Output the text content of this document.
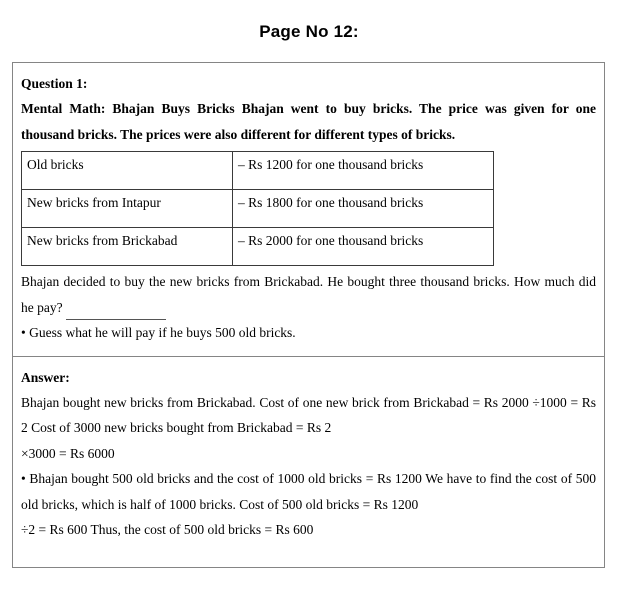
Page No 12:

Question 1:

Mental Math: Bhajan Buys Bricks Bhajan went to buy bricks. The price was given for one thousand bricks. The prices were also different for different types of bricks.

Old bricks	– Rs 1200 for one thousand bricks
New bricks from Intapur	– Rs 1800 for one thousand bricks
New bricks from Brickabad	– Rs 2000 for one thousand bricks

Bhajan decided to buy the new bricks from Brickabad. He bought three thousand bricks. How much did he pay?

• Guess what he will pay if he buys 500 old bricks.

Answer:

Bhajan bought new bricks from Brickabad. Cost of one new brick from Brickabad = Rs 2000 ÷1000 = Rs 2 Cost of 3000 new bricks bought from Brickabad = Rs 2

×3000 = Rs 6000

• Bhajan bought 500 old bricks and the cost of 1000 old bricks = Rs 1200 We have to find the cost of 500 old bricks, which is half of 1000 bricks. Cost of 500 old bricks = Rs 1200

÷2 = Rs 600 Thus, the cost of 500 old bricks = Rs 600
